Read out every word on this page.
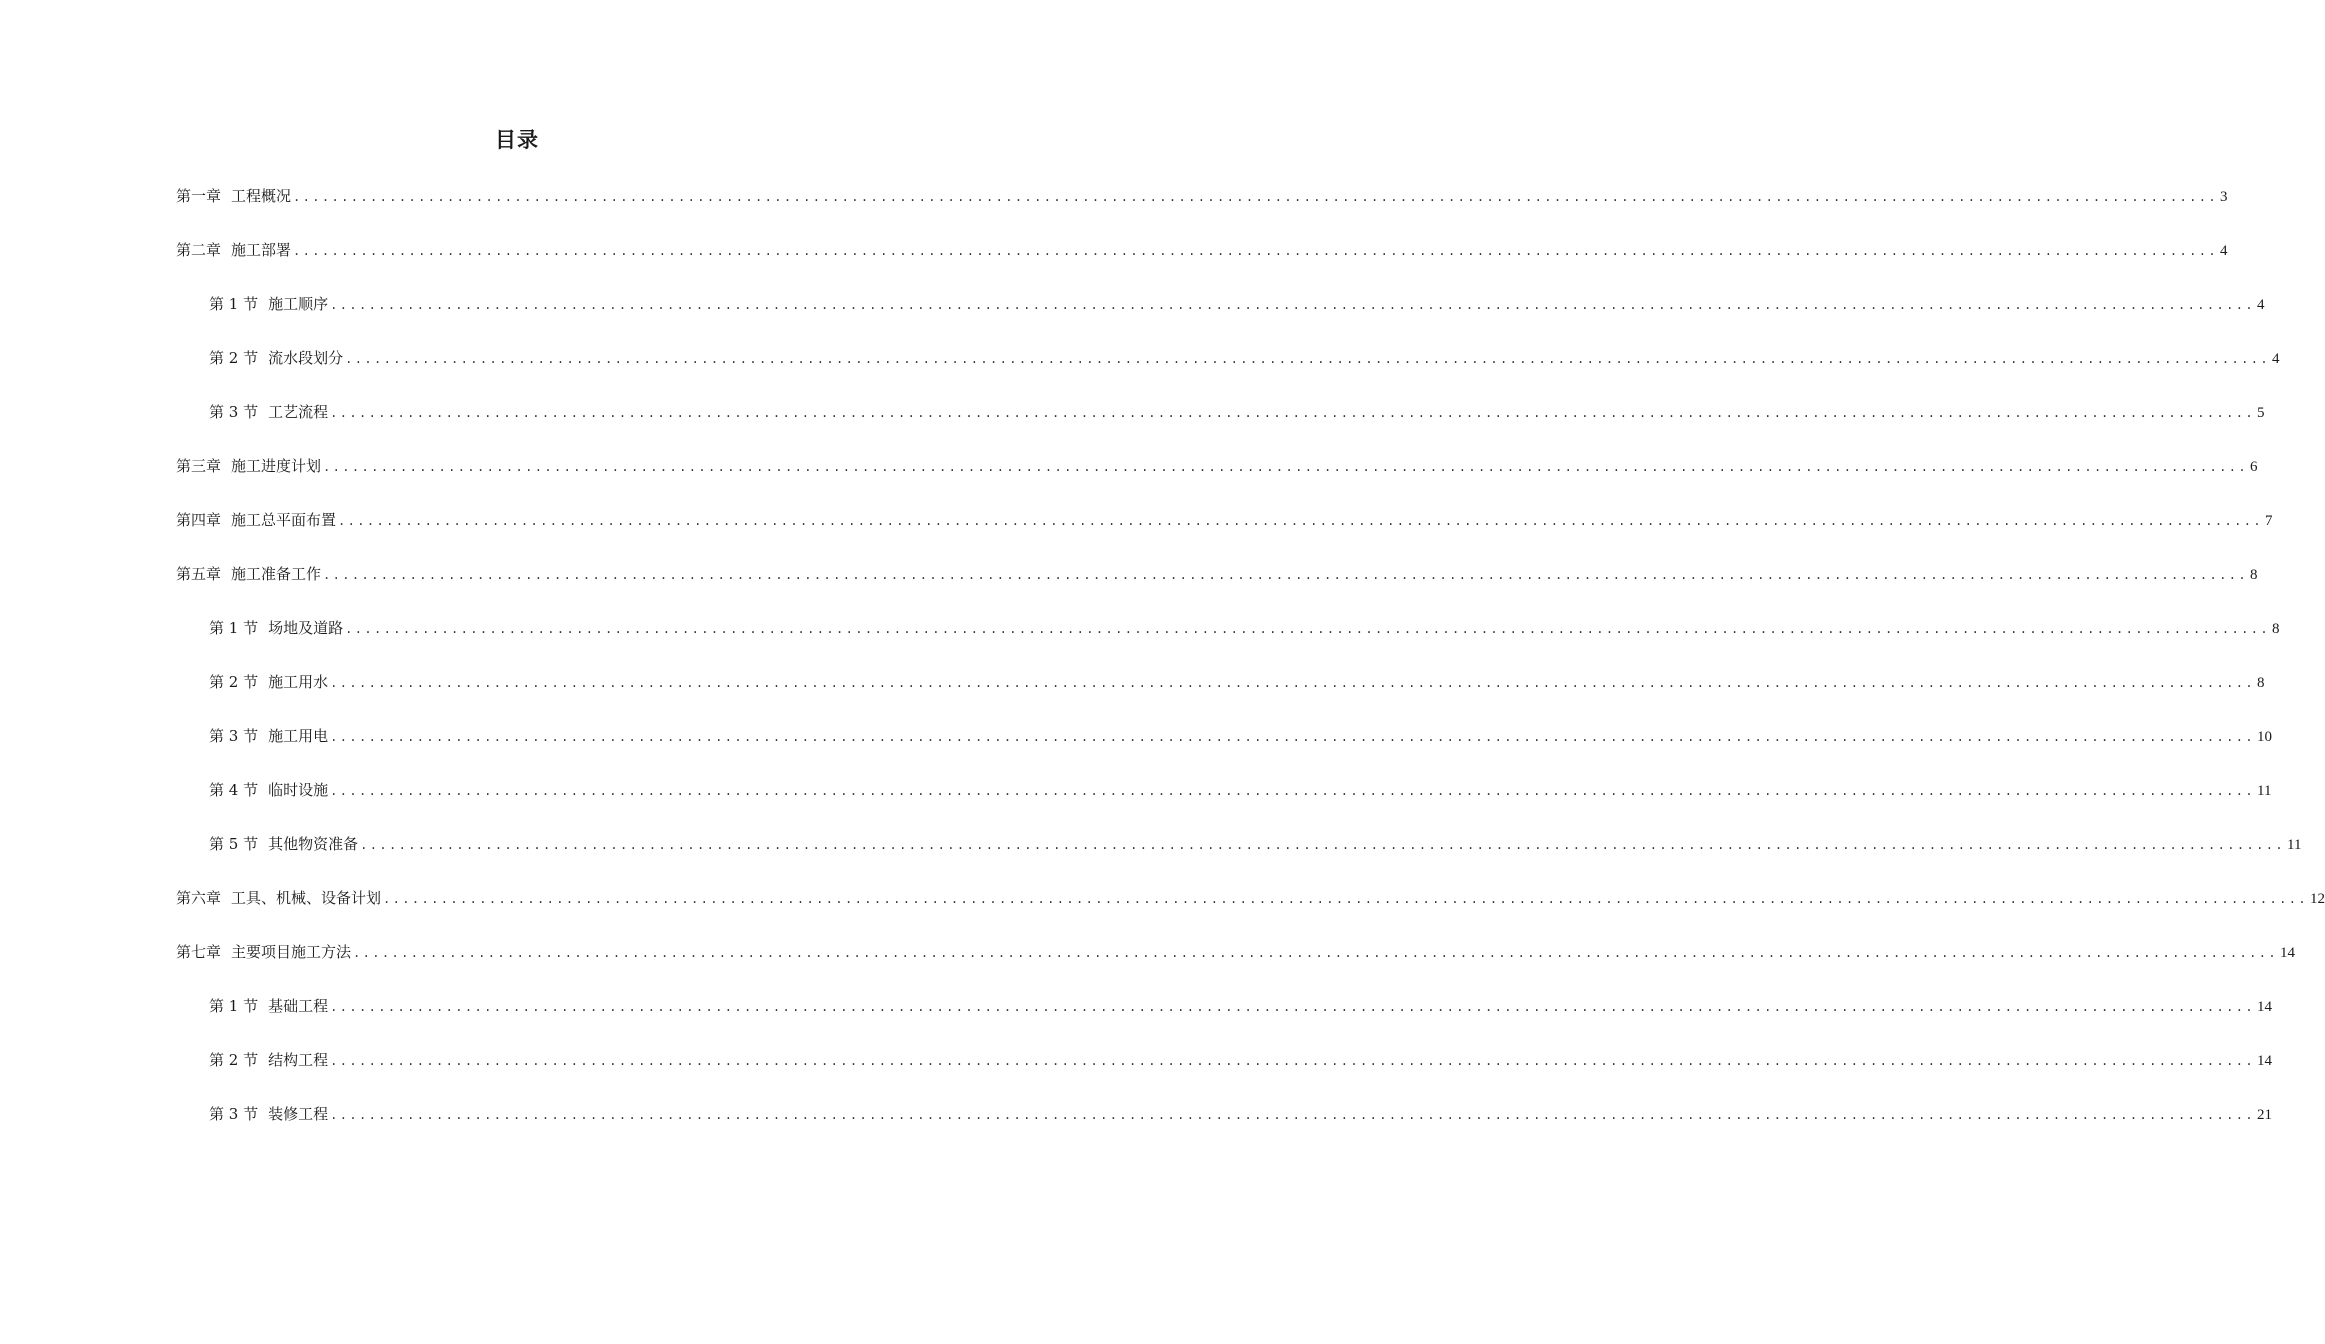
目录
第一章 工程概况 ........................................................................................................................................................................................................ 3
第二章 施工部署 ........................................................................................................................................................................................................ 4
第 1 节 施工顺序 ........................................................................................................................................................................................................ 4
第 2 节 流水段划分 ........................................................................................................................................................................................................ 4
第 3 节 工艺流程 ........................................................................................................................................................................................................ 5
第三章 施工进度计划 ........................................................................................................................................................................................................ 6
第四章 施工总平面布置 ........................................................................................................................................................................................................ 7
第五章 施工准备工作 ........................................................................................................................................................................................................ 8
第 1 节 场地及道路 ........................................................................................................................................................................................................ 8
第 2 节 施工用水 ........................................................................................................................................................................................................ 8
第 3 节 施工用电 ........................................................................................................................................................................................................ 10
第 4 节 临时设施 ........................................................................................................................................................................................................ 11
第 5 节 其他物资准备 ........................................................................................................................................................................................................ 11
第六章 工具、机械、设备计划 ........................................................................................................................................................................................................ 12
第七章 主要项目施工方法 ........................................................................................................................................................................................................ 14
第 1 节 基础工程 ........................................................................................................................................................................................................ 14
第 2 节 结构工程 ........................................................................................................................................................................................................ 14
第 3 节 装修工程 ........................................................................................................................................................................................................ 21
